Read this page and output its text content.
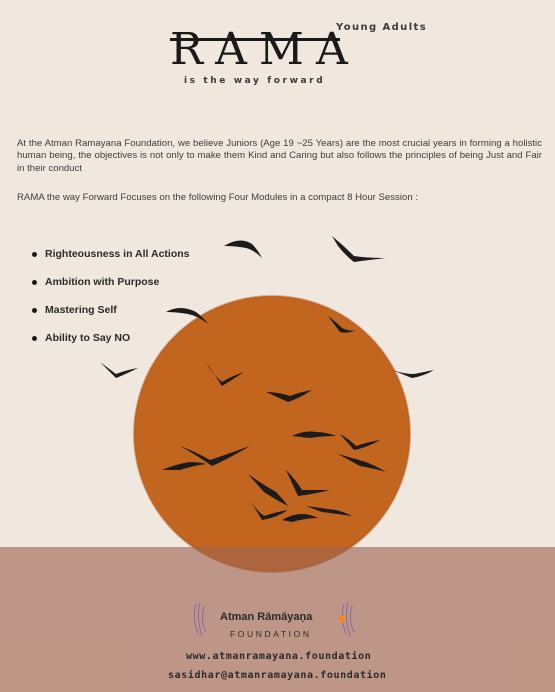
Young Adults
RAMA
is the way forward
At the Atman Ramayana Foundation, we believe Juniors (Age 19 ~25 Years) are the most crucial years in forming a holistic human being, the objectives is not only to make them Kind and Caring but also follows the principles of being Just and Fair in their conduct
RAMA the way Forward Focuses on the following Four Modules in a compact 8 Hour Session :
Righteousness in All Actions
Ambition with Purpose
Mastering Self
Ability to Say NO
Atman Rāmāyaṇa
FOUNDATION
www.atmanramayana.foundation
sasidhar@atmanramayana.foundation
